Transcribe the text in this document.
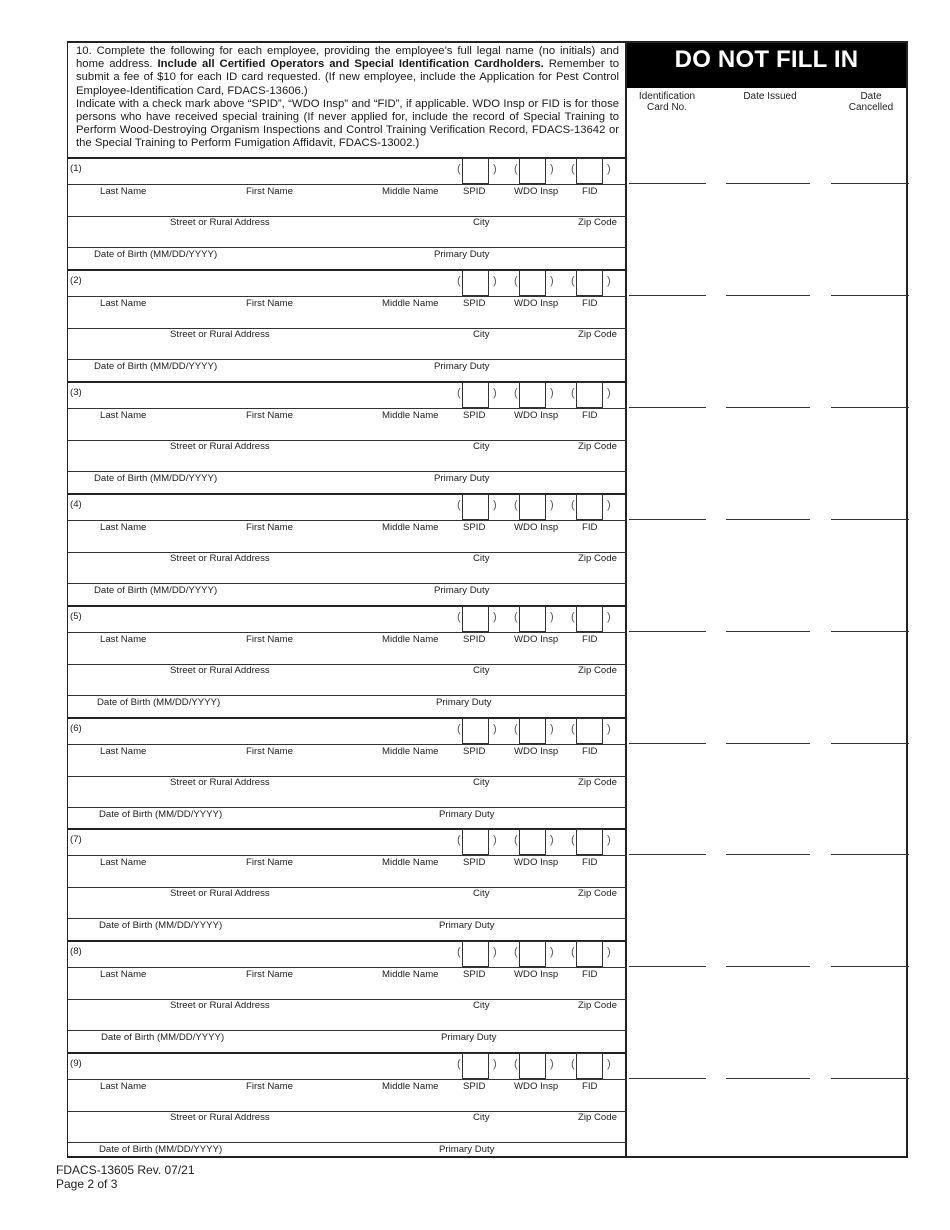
10. Complete the following for each employee, providing the employee’s full legal name (no initials) and home address. Include all Certified Operators and Special Identification Cardholders. Remember to submit a fee of $10 for each ID card requested. (If new employee, include the Application for Pest Control Employee-Identification Card, FDACS-13606.)

Indicate with a check mark above “SPID”, “WDO Insp” and “FID”, if applicable. WDO Insp or FID is for those persons who have received special training (If never applied for, include the record of Special Training to Perform Wood-Destroying Organism Inspections and Control Training Verification Record, FDACS-13642 or the Special Training to Perform Fumigation Affidavit, FDACS-13002.)

(1)	(	) (	) (	)
Last Name	First Name	Middle Name	SPID	WDO Insp FID
Street or Rural Address	City	Zip Code
Date of Birth (MM/DD/YYYY)	Primary Duty
(2)	(	) (	) (	)
Last Name	First Name	Middle Name	SPID	WDO Insp FID
Street or Rural Address	City	Zip Code
Date of Birth (MM/DD/YYYY)	Primary Duty
(3)	(	) (	) (	)
Last Name	First Name	Middle Name	SPID	WDO Insp FID
Street or Rural Address	City	Zip Code
Date of Birth (MM/DD/YYYY)	Primary Duty
(4)	(	) (	) (	)
Last Name	First Name	Middle Name	SPID	WDO Insp FID
Street or Rural Address	City	Zip Code
Date of Birth (MM/DD/YYYY)	Primary Duty
(5)	(	) (	) (	)
Last Name	First Name	Middle Name	SPID	WDO Insp FID
Street or Rural Address	City	Zip Code
Date of Birth (MM/DD/YYYY)	Primary Duty
(6)	(	) (	) (	)
Last Name	First Name	Middle Name	SPID	WDO Insp FID
Street or Rural Address	City	Zip Code
Date of Birth (MM/DD/YYYY)	Primary Duty
(7)	(	) (	) (	)
Last Name	First Name	Middle Name	SPID	WDO Insp FID
Street or Rural Address	City	Zip Code
Date of Birth (MM/DD/YYYY)	Primary Duty
(8)	(	) (	) (	)
Last Name	First Name	Middle Name	SPID	WDO Insp FID
Street or Rural Address	City	Zip Code
Date of Birth (MM/DD/YYYY)	Primary Duty
(9)	(	) (	) (	)
Last Name	First Name	Middle Name	SPID	WDO Insp FID
Street or Rural Address	City	Zip Code
Date of Birth (MM/DD/YYYY)	Primary Duty
DO NOT FILL IN
Identification Card No.
Date Issued	Date Cancelled
FDACS-13605 Rev. 07/21
Page 2 of 3
